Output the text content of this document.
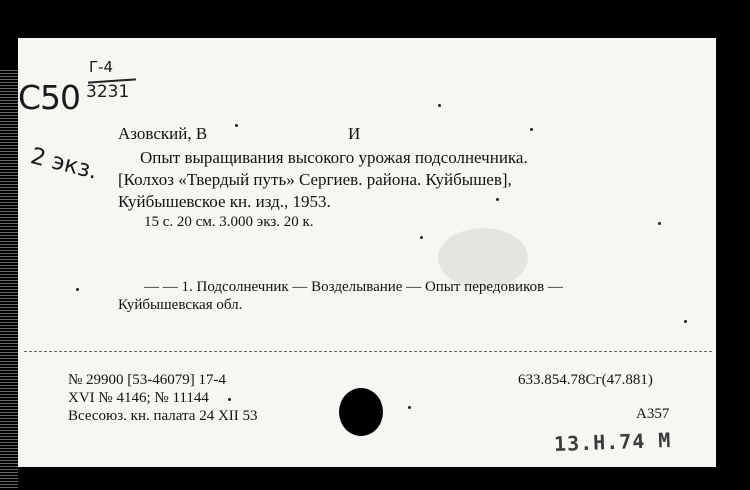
С50
Г-4
3231
2 экз.
Азовский, В	И
Опыт выращивания высокого урожая подсолнечника.
[Колхоз «Твердый путь» Сергиев. района. Куйбышев],
Куйбышевское кн. изд., 1953.
15 с. 20 см. 3.000 экз. 20 к.
— — 1. Подсолнечник — Возделывание — Опыт передовиков —
Куйбышевская обл.
№ 29900 [53-46079] 17-4
XVI № 4146; № 11144
Всесоюз. кн. палата 24 XII 53
633.854.78Сг(47.881)
А357
13.Н.74 М
